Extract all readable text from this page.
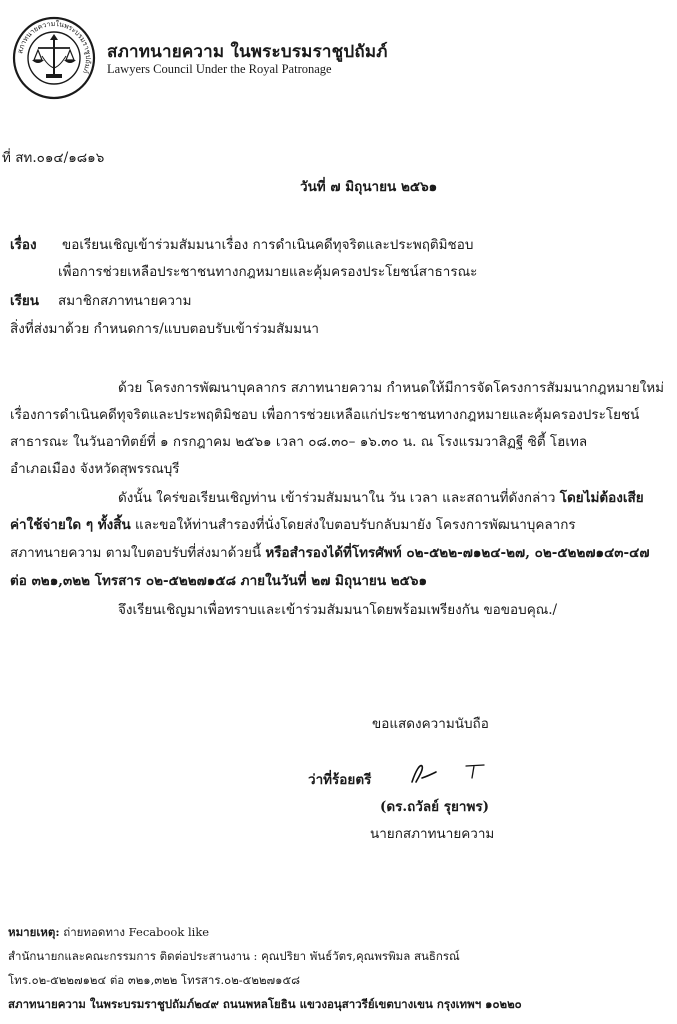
สภาทนายความในพระบรมราชูปถัมภ์
สภาทนายความ ในพระบรมราชูปถัมภ์
Lawyers Council Under the Royal Patronage
ที่ สท.๐๑๔/๑๘๑๖
วันที่ ๗ มิถุนายน ๒๕๖๑
เรื่อง ขอเรียนเชิญเข้าร่วมสัมมนาเรื่อง การดำเนินคดีทุจริตและประพฤติมิชอบ
เพื่อการช่วยเหลือประชาชนทางกฎหมายและคุ้มครองประโยชน์สาธารณะ
เรียน สมาชิกสภาทนายความ
สิ่งที่ส่งมาด้วย กำหนดการ/แบบตอบรับเข้าร่วมสัมมนา
ด้วย โครงการพัฒนาบุคลากร สภาทนายความ กำหนดให้มีการจัดโครงการสัมมนากฎหมายใหม่
เรื่องการดำเนินคดีทุจริตและประพฤติมิชอบ เพื่อการช่วยเหลือแก่ประชาชนทางกฎหมายและคุ้มครองประโยชน์
สาธารณะ ในวันอาทิตย์ที่ ๑ กรกฎาคม ๒๕๖๑ เวลา ๐๘.๓๐– ๑๖.๓๐ น. ณ โรงแรมวาสิฏฐี ซิตี้ โฮเทล
อำเภอเมือง จังหวัดสุพรรณบุรี
ดังนั้น ใคร่ขอเรียนเชิญท่าน เข้าร่วมสัมมนาใน วัน เวลา และสถานที่ดังกล่าว โดยไม่ต้องเสีย
ค่าใช้จ่ายใด ๆ ทั้งสิ้น และขอให้ท่านสำรองที่นั่งโดยส่งใบตอบรับกลับมายัง โครงการพัฒนาบุคลากร
สภาทนายความ ตามใบตอบรับที่ส่งมาด้วยนี้ หรือสำรองได้ที่โทรศัพท์ ๐๒-๕๒๒-๗๑๒๔-๒๗, ๐๒-๕๒๒๗๑๔๓-๔๗
ต่อ ๓๒๑,๓๒๒ โทรสาร ๐๒-๕๒๒๗๑๕๘ ภายในวันที่ ๒๗ มิถุนายน ๒๕๖๑
จึงเรียนเชิญมาเพื่อทราบและเข้าร่วมสัมมนาโดยพร้อมเพรียงกัน ขอขอบคุณ./
ขอแสดงความนับถือ
ว่าที่ร้อยตรี
(ดร.ถวัลย์ รุยาพร)
นายกสภาทนายความ
หมายเหตุ: ถ่ายทอดทาง Fecabook like
สำนักนายกและคณะกรรมการ ติดต่อประสานงาน : คุณปริยา พันธ์วัตร,คุณพรพิมล สนธิกรณ์
โทร.๐๒-๕๒๒๗๑๒๔ ต่อ ๓๒๑,๓๒๒ โทรสาร.๐๒-๕๒๒๗๑๕๘
สภาทนายความ ในพระบรมราชูปถัมภ์๒๔๙ ถนนพหลโยธิน แขวงอนุสาวรีย์เขตบางเขน กรุงเทพฯ ๑๐๒๒๐
